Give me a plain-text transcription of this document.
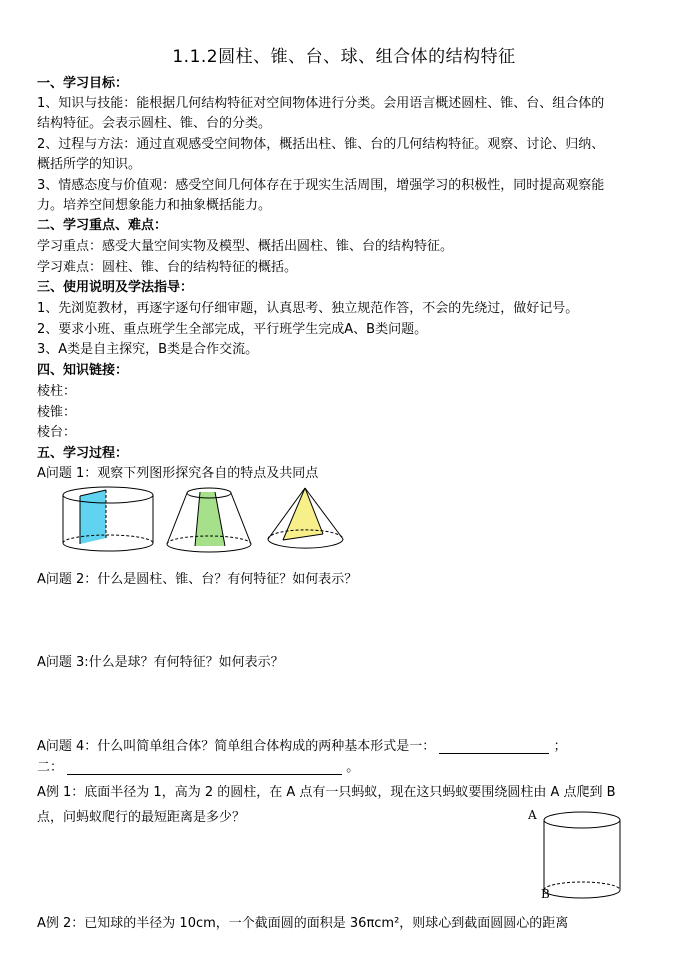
1.1.2圆柱、锥、台、球、组合体的结构特征
一、学习目标：
1、知识与技能：能根据几何结构特征对空间物体进行分类。会用语言概述圆柱、锥、台、组合体的
结构特征。会表示圆柱、锥、台的分类。
2、过程与方法：通过直观感受空间物体，概括出柱、锥、台的几何结构特征。观察、讨论、归纳、
概括所学的知识。
3、情感态度与价值观：感受空间几何体存在于现实生活周围，增强学习的积极性，同时提高观察能
力。培养空间想象能力和抽象概括能力。
二、学习重点、难点：
学习重点：感受大量空间实物及模型、概括出圆柱、锥、台的结构特征。
学习难点：圆柱、锥、台的结构特征的概括。
三、使用说明及学法指导：
1、先浏览教材，再逐字逐句仔细审题，认真思考、独立规范作答，不会的先绕过，做好记号。
2、要求小班、重点班学生全部完成，平行班学生完成A、B类问题。
3、A类是自主探究，B类是合作交流。
四、知识链接：
棱柱：
棱锥：
棱台：
五、学习过程：
A问题 1：观察下列图形探究各自的特点及共同点
A问题 2：什么是圆柱、锥、台？有何特征？如何表示？
A问题 3:什么是球？有何特征？如何表示？
A问题 4：什么叫简单组合体？简单组合体构成的两种基本形式是一：	；
二：	。
A例 1：底面半径为 1，高为 2 的圆柱，在 A 点有一只蚂蚁，现在这只蚂蚁要围绕圆柱由 A 点爬到 B
点，问蚂蚁爬行的最短距离是多少？	A
B
A例 2：已知球的半径为 10cm，一个截面圆的面积是 36πcm²，则球心到截面圆圆心的距离
